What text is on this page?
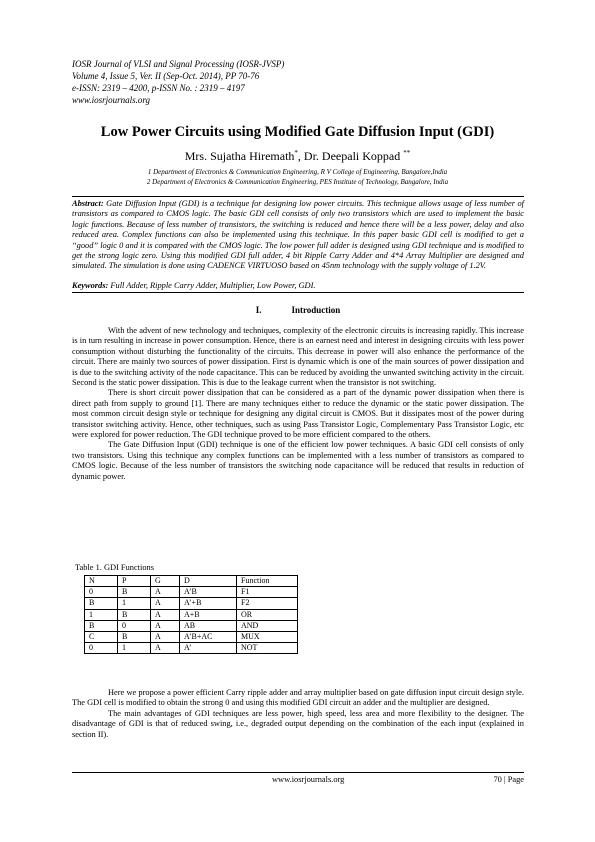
IOSR Journal of VLSI and Signal Processing (IOSR-JVSP)
Volume 4, Issue 5, Ver. II (Sep-Oct. 2014), PP 70-76
e-ISSN: 2319 – 4200, p-ISSN No. : 2319 – 4197
www.iosrjournals.org
Low Power Circuits using Modified Gate Diffusion Input (GDI)
Mrs. Sujatha Hiremath*, Dr. Deepali Koppad **
1 Department of Electronics & Communication Engineering, R V College of Engineering, Bangalore,India
2 Department of Electronics & Communication Engineering, PES Institute of Technology, Bangalore, India
Abstract: Gate Diffusion Input (GDI) is a technique for designing low power circuits. This technique allows usage of less number of transistors as compared to CMOS logic. The basic GDI cell consists of only two transistors which are used to implement the basic logic functions. Because of less number of transistors, the switching is reduced and hence there will be a less power, delay and also reduced area. Complex functions can also be implemented using this technique. In this paper basic GDI cell is modified to get a “good” logic 0 and it is compared with the CMOS logic. The low power full adder is designed using GDI technique and is modified to get the strong logic zero. Using this modified GDI full adder, 4 bit Ripple Carry Adder and 4*4 Array Multiplier are designed and simulated. The simulation is done using CADENCE VIRTUOSO based on 45nm technology with the supply voltage of 1.2V.
Keywords: Full Adder, Ripple Carry Adder, Multiplier, Low Power, GDI.
I.	Introduction

With the advent of new technology and techniques, complexity of the electronic circuits is increasing rapidly. This increase is in turn resulting in increase in power consumption. Hence, there is an earnest need and interest in designing circuits with less power consumption without disturbing the functionality of the circuits. This decrease in power will also enhance the performance of the circuit. There are mainly two sources of power dissipation. First is dynamic which is one of the main sources of power dissipation and is due to the switching activity of the node capacitance. This can be reduced by avoiding the unwanted switching activity in the circuit. Second is the static power dissipation. This is due to the leakage current when the transistor is not switching.

There is short circuit power dissipation that can be considered as a part of the dynamic power dissipation when there is direct path from supply to ground [1]. There are many techniques either to reduce the dynamic or the static power dissipation. The most common circuit design style or technique for designing any digital circuit is CMOS. But it dissipates most of the power during transistor switching activity. Hence, other techniques, such as using Pass Transistor Logic, Complementary Pass Transistor Logic, etc were explored for power reduction. The GDI technique proved to be more efficient compared to the others.

The Gate Diffusion Input (GDI) technique is one of the efficient low power techniques. A basic GDI cell consists of only two transistors. Using this technique any complex functions can be implemented with a less number of transistors as compared to CMOS logic. Because of the less number of transistors the switching node capacitance will be reduced that results in reduction of dynamic power.

Table 1. GDI Functions
N	P	G	D	Function
0	B	A	A’B	F1
B	1	A	A’+B	F2
1	B	A	A+B	OR
B	0	A	AB	AND
C	B	A	A’B+AC	MUX
0	1	A	A’	NOT

Here we propose a power efficient Carry ripple adder and array multiplier based on gate diffusion input circuit design style. The GDI cell is modified to obtain the strong 0 and using this modified GDI circuit an adder and the multiplier are designed.

The main advantages of GDI techniques are less power, high speed, less area and more flexibility to the designer. The disadvantage of GDI is that of reduced swing, i.e., degraded output depending on the combination of the each input (explained in section II).

www.iosrjournals.org	70 | Page
